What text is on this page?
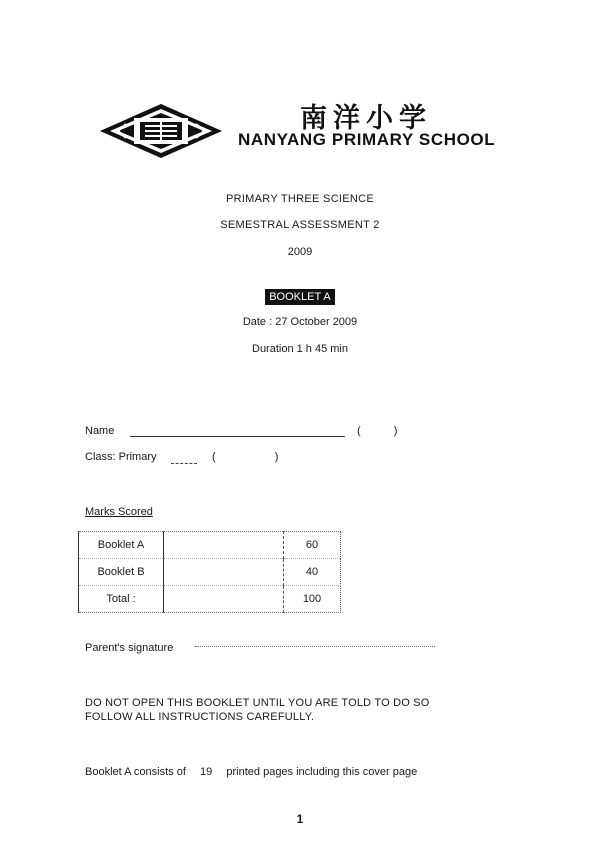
南洋小学
NANYANG PRIMARY SCHOOL
PRIMARY THREE SCIENCE
SEMESTRAL ASSESSMENT 2
2009
BOOKLET A
Date : 27 October 2009
Duration 1 h 45 min
Name	( )
Class: Primary	( )
Marks Scored
Booklet A		60
Booklet B		40
Total :		100
Parent's signature
DO NOT OPEN THIS BOOKLET UNTIL YOU ARE TOLD TO DO SO
FOLLOW ALL INSTRUCTIONS CAREFULLY.
Booklet A consists of 19 printed pages including this cover page
1
